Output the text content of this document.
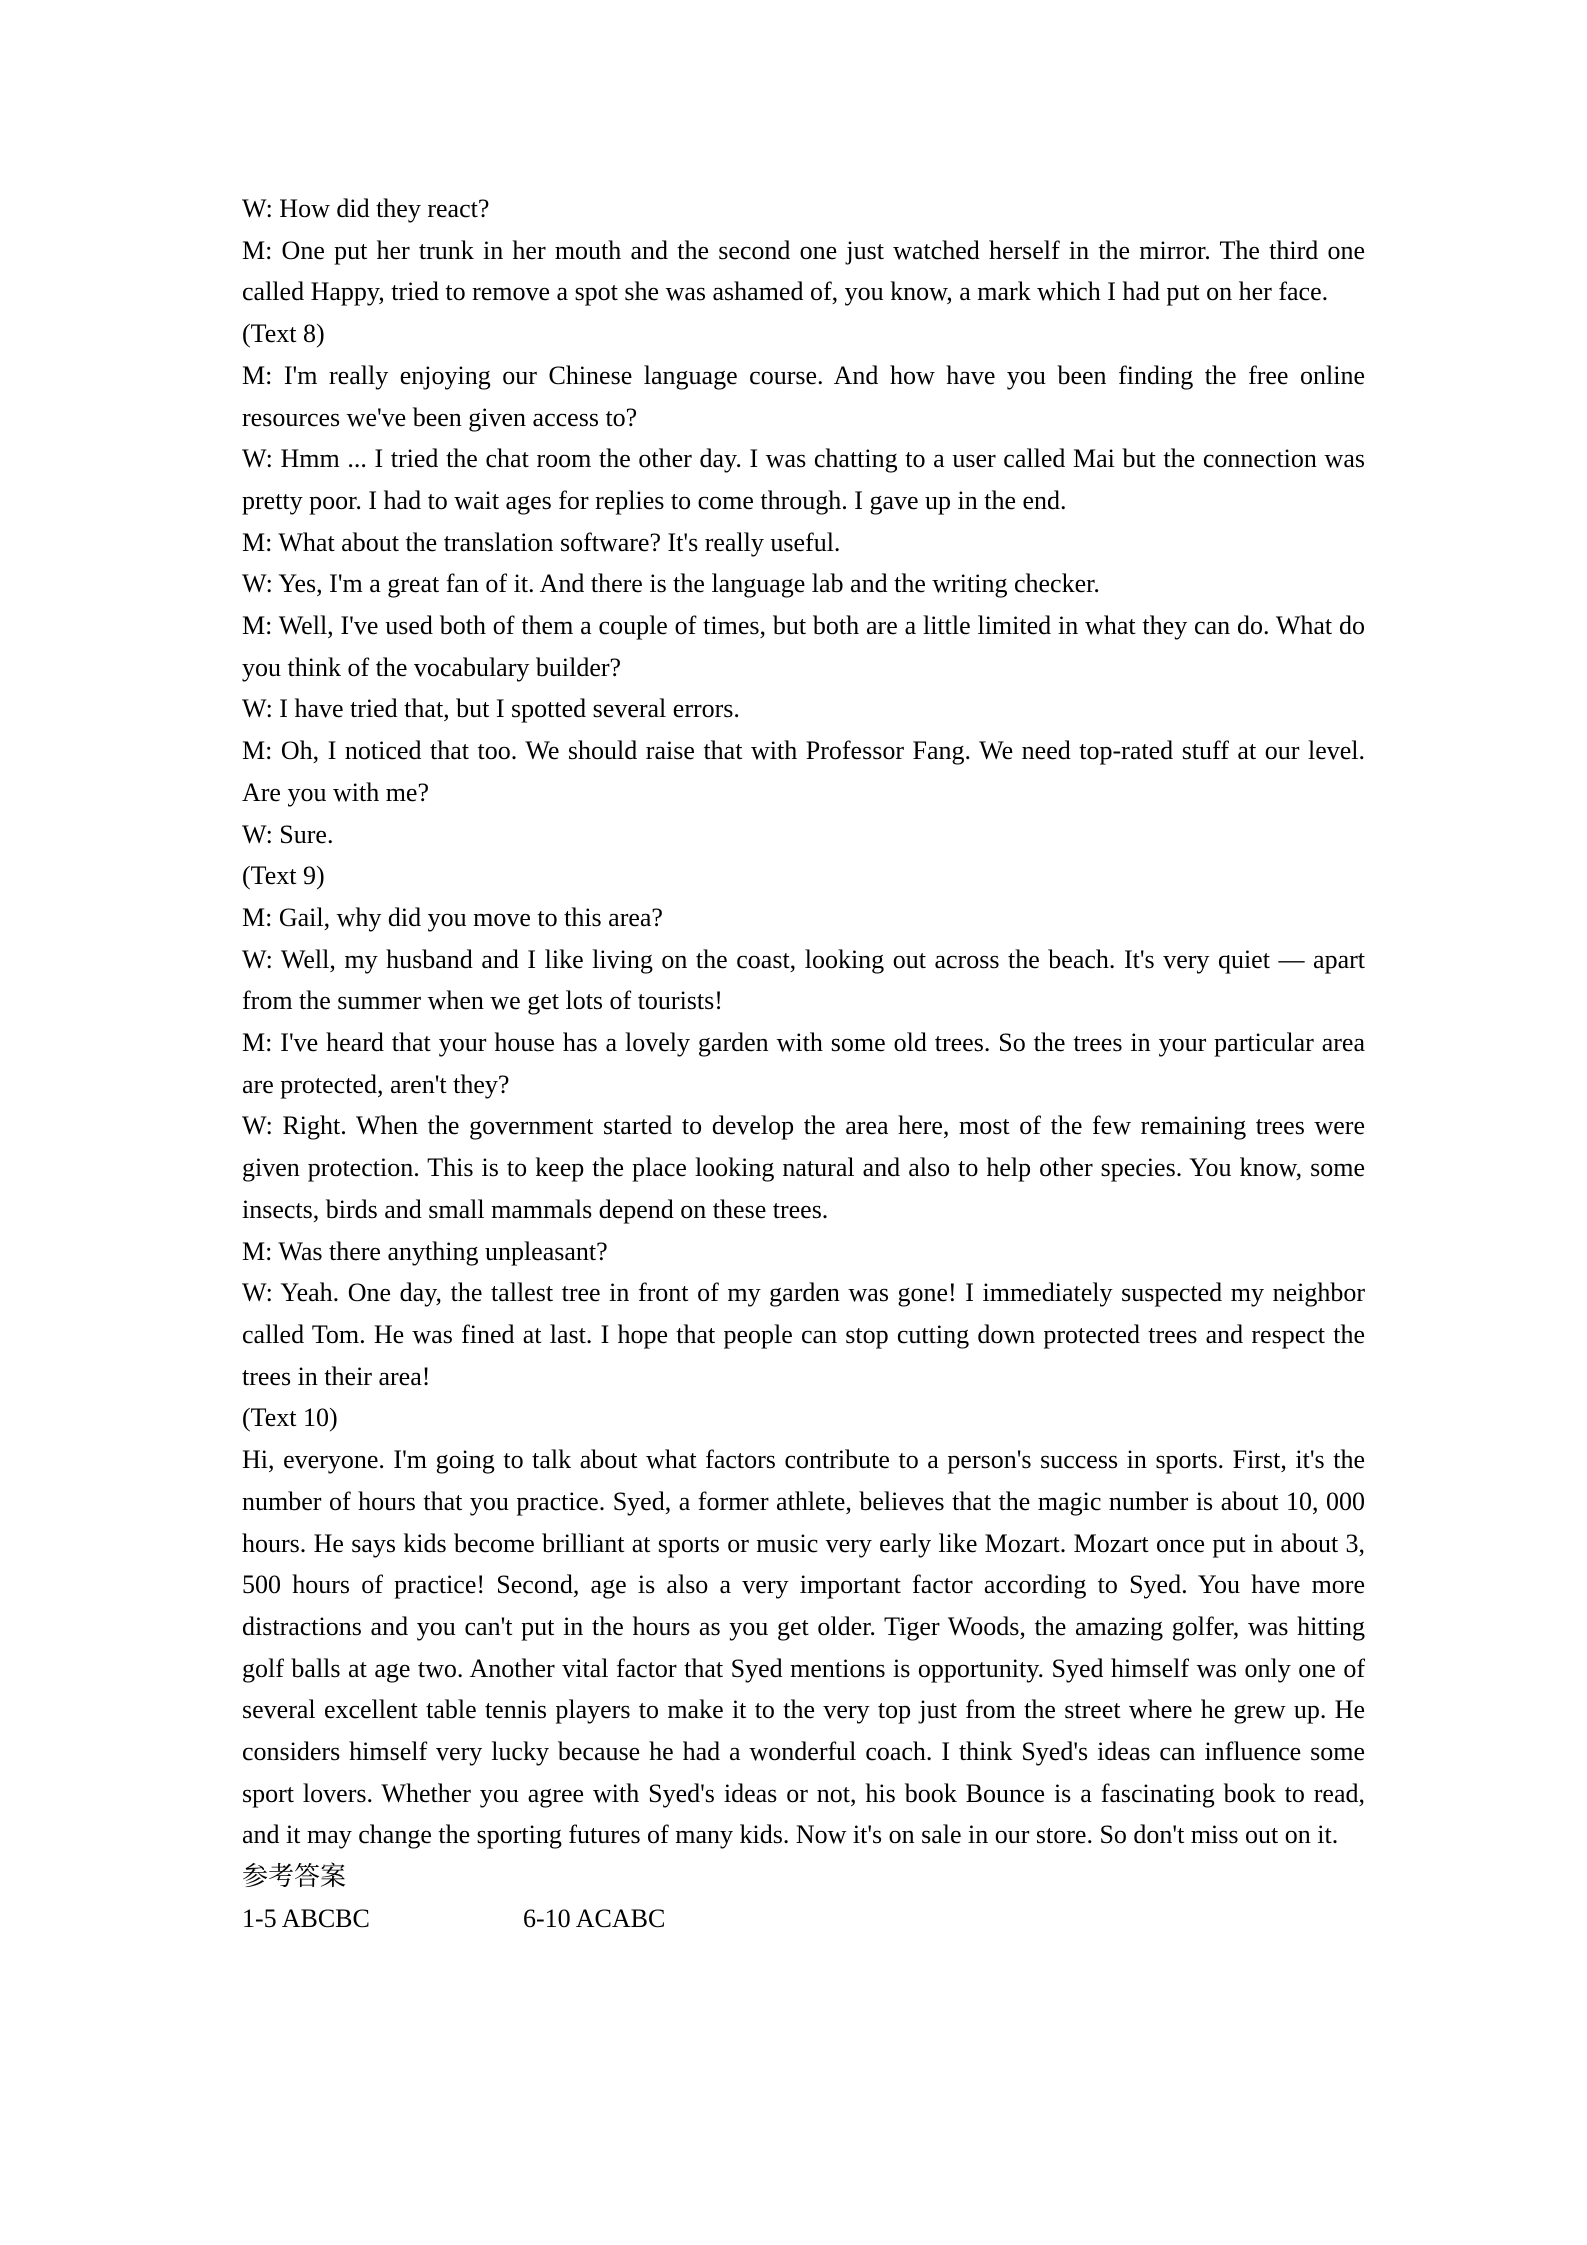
W: How did they react?

M: One put her trunk in her mouth and the second one just watched herself in the mirror. The third one called Happy, tried to remove a spot she was ashamed of, you know, a mark which I had put on her face.

(Text 8)

M: I'm really enjoying our Chinese language course. And how have you been finding the free online resources we've been given access to?

W: Hmm ... I tried the chat room the other day. I was chatting to a user called Mai but the connection was pretty poor. I had to wait ages for replies to come through. I gave up in the end.

M: What about the translation software? It's really useful.

W: Yes, I'm a great fan of it. And there is the language lab and the writing checker.

M: Well, I've used both of them a couple of times, but both are a little limited in what they can do. What do you think of the vocabulary builder?

W: I have tried that, but I spotted several errors.

M: Oh, I noticed that too. We should raise that with Professor Fang. We need top-rated stuff at our level. Are you with me?

W: Sure.

(Text 9)

M: Gail, why did you move to this area?

W: Well, my husband and I like living on the coast, looking out across the beach. It's very quiet — apart from the summer when we get lots of tourists!

M: I've heard that your house has a lovely garden with some old trees. So the trees in your particular area are protected, aren't they?

W: Right. When the government started to develop the area here, most of the few remaining trees were given protection. This is to keep the place looking natural and also to help other species. You know, some insects, birds and small mammals depend on these trees.

M: Was there anything unpleasant?

W: Yeah. One day, the tallest tree in front of my garden was gone! I immediately suspected my neighbor called Tom. He was fined at last. I hope that people can stop cutting down protected trees and respect the trees in their area!

(Text 10)

Hi, everyone. I'm going to talk about what factors contribute to a person's success in sports. First, it's the number of hours that you practice. Syed, a former athlete, believes that the magic number is about 10, 000 hours. He says kids become brilliant at sports or music very early like Mozart. Mozart once put in about 3, 500 hours of practice! Second, age is also a very important factor according to Syed. You have more distractions and you can't put in the hours as you get older. Tiger Woods, the amazing golfer, was hitting golf balls at age two. Another vital factor that Syed mentions is opportunity. Syed himself was only one of several excellent table tennis players to make it to the very top just from the street where he grew up. He considers himself very lucky because he had a wonderful coach. I think Syed's ideas can influence some sport lovers. Whether you agree with Syed's ideas or not, his book Bounce is a fascinating book to read, and it may change the sporting futures of many kids. Now it's on sale in our store. So don't miss out on it.

参考答案

1-5 ABCBC	6-10 ACABC
